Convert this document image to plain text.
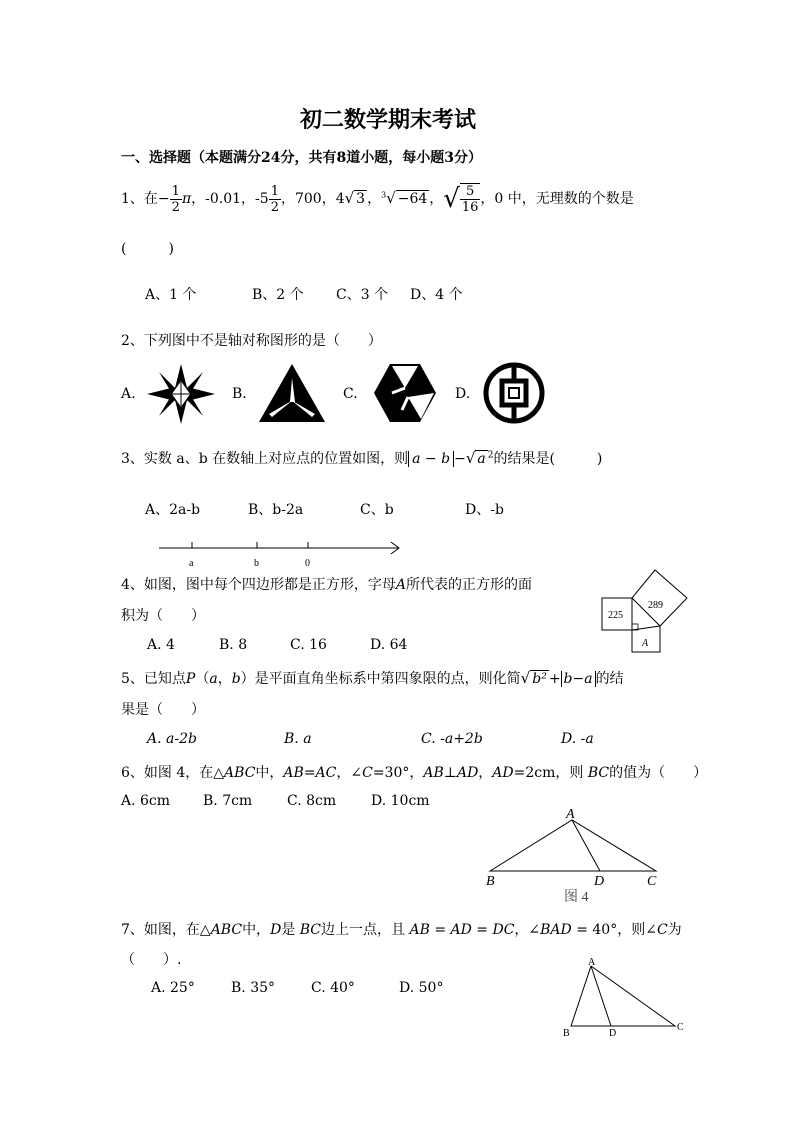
初二数学期末考试
一、选择题（本题满分24分，共有8道小题，每小题3分）
1、在− $\frac{1}{2}$ π，-0.01，$-5 \frac{1}{2}$ ，700，4√ 3 ，$^3$√ −64 ，√ $\frac{5}{16}$ ，0 中，无理数的个数是
(　　　)
A、1 个	B、2 个 C、3 个 D、4 个
2、下列图中不是轴对称图形的是（　　）
A.	B.	C.	D.
3、实数 a、b 在数轴上对应点的位置如图，则 a − b −√ a $^2$的结果是(　　　)
A、2a-b	B、b-2a	C、b	D、-b
a	b	0
4、如图，图中每个四边形都是正方形，字母A所代表的正方形的面
积为（　　）
A. 4	B. 8	C. 16	D. 64
225
289
A
5、已知点P（a，b）是平面直角坐标系中第四象限的点，则化简√ b² + b−a 的结
果是（　　）
A. a-2b	B. a	C. -a+2b	D. -a
6、如图 4，在△ABC中，AB=AC，∠C=30°，AB⊥AD，AD=2cm，则 BC的值为（　　）
A. 6cm B. 7cm C. 8cm D. 10cm
A
B	D	C
图 4
7、如图，在△ABC中，D是 BC边上一点，且 AB = AD = DC，∠BAD = 40°，则∠C为
（　　）.
A. 25°	B. 35°	C. 40°	D. 50°
A
B	D
C
